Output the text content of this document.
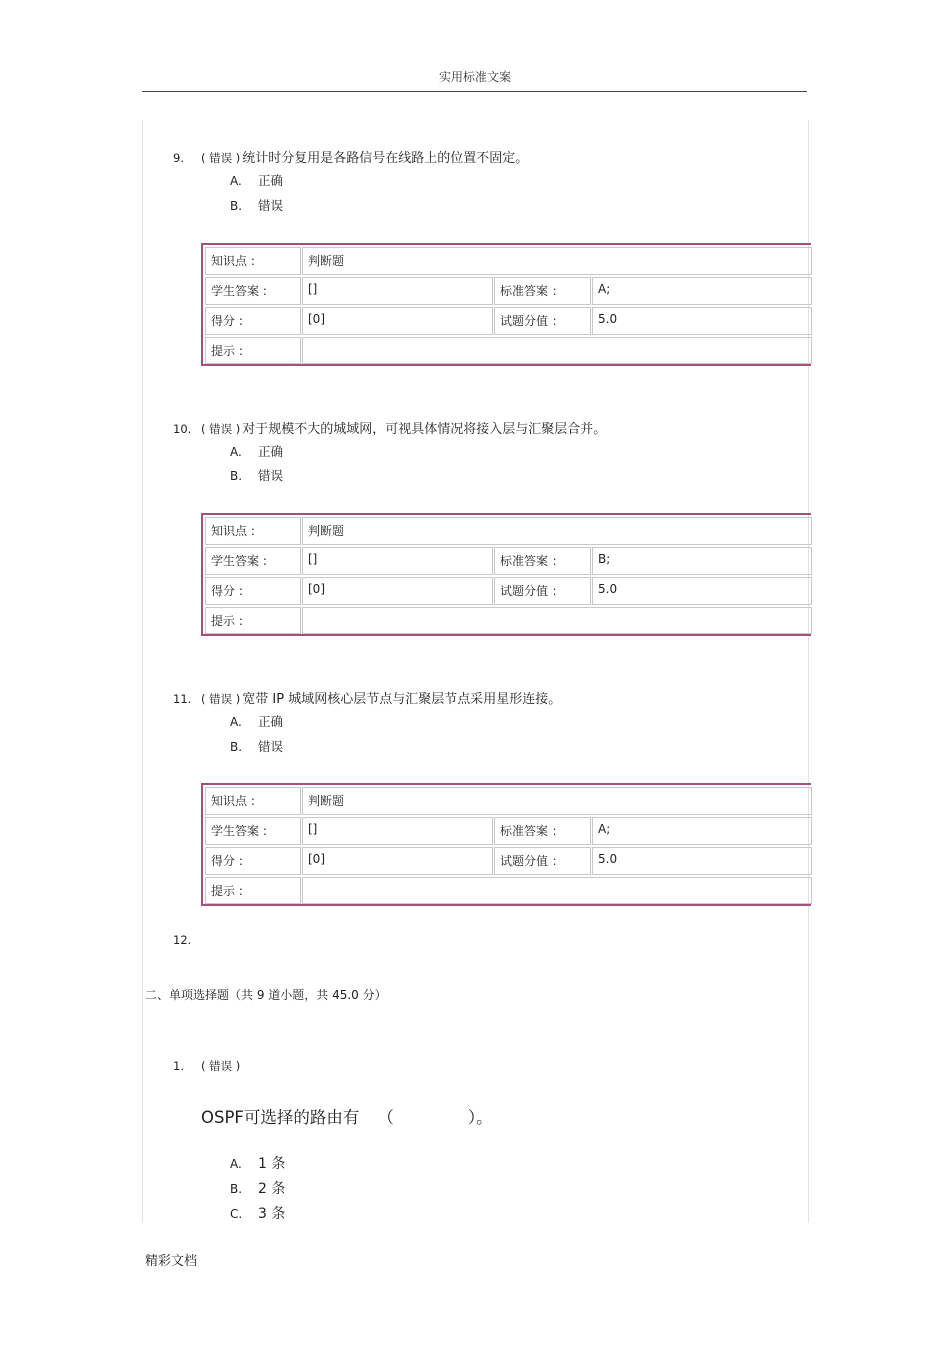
实用标准文案
9. ( 错误 ) 统计时分复用是各路信号在线路上的位置不固定。
A. 正确
B. 错误
知识点 :	判断题
学生答案 :	[]	标准答案 ：	A;
得分 :	[0]	试题分值 ：	5.0
提示 :
10. ( 错误 ) 对于规模不大的城域网，可视具体情况将接入层与汇聚层合并。
A. 正确
B. 错误
知识点 :	判断题
学生答案 :	[]	标准答案 ：	B;
得分 :	[0]	试题分值 ：	5.0
提示 :
11. ( 错误 ) 宽带 IP 城域网核心层节点与汇聚层节点采用星形连接。
A. 正确
B. 错误
知识点 :	判断题
学生答案 :	[]	标准答案 ：	A;
得分 :	[0]	试题分值 ：	5.0
提示 :
12.
二、单项选择题（共 9 道小题，共 45.0 分）
1. ( 错误 )
OSPF可选择的路由有 （	）。
A. 1 条
B. 2 条
C. 3 条
精彩文档
